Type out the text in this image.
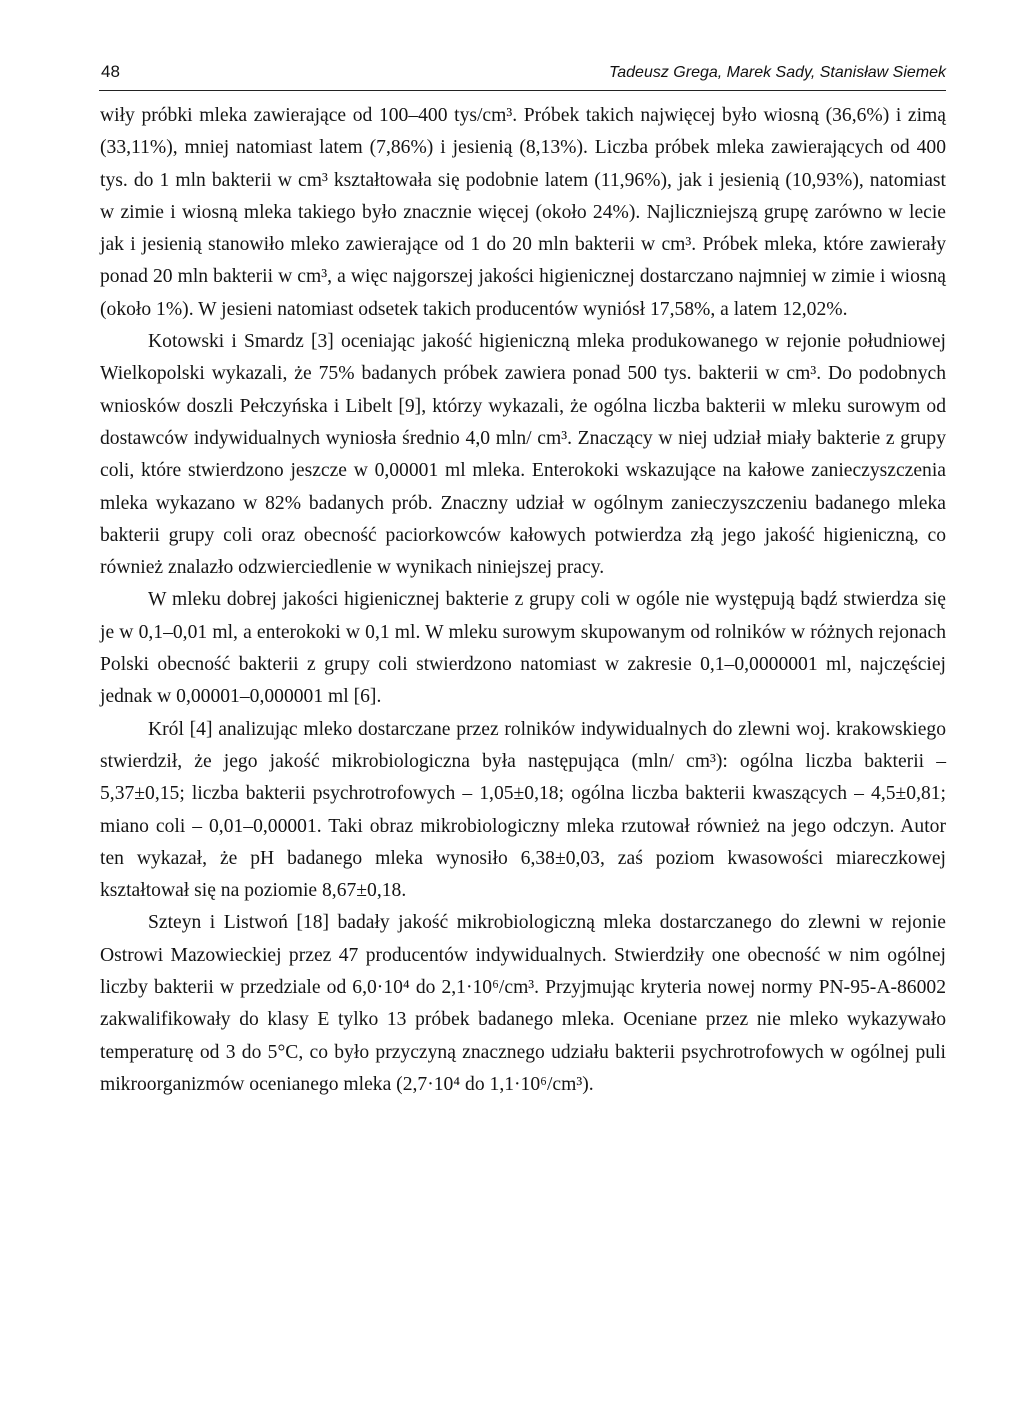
48	Tadeusz Grega, Marek Sady, Stanisław Siemek

wiły próbki mleka zawierające od 100–400 tys/cm³. Próbek takich najwięcej było wiosną (36,6%) i zimą (33,11%), mniej natomiast latem (7,86%) i jesienią (8,13%). Liczba próbek mleka zawierających od 400 tys. do 1 mln bakterii w cm³ kształtowała się podobnie latem (11,96%), jak i jesienią (10,93%), natomiast w zimie i wiosną mleka takiego było znacznie więcej (około 24%). Najliczniejszą grupę zarówno w lecie jak i jesienią stanowiło mleko zawierające od 1 do 20 mln bakterii w cm³. Próbek mleka, które zawierały ponad 20 mln bakterii w cm³, a więc najgorszej jakości higienicznej dostarczano najmniej w zimie i wiosną (około 1%). W jesieni natomiast odsetek takich producentów wyniósł 17,58%, a latem 12,02%.

Kotowski i Smardz [3] oceniając jakość higieniczną mleka produkowanego w rejonie południowej Wielkopolski wykazali, że 75% badanych próbek zawiera ponad 500 tys. bakterii w cm³. Do podobnych wniosków doszli Pełczyńska i Libelt [9], którzy wykazali, że ogólna liczba bakterii w mleku surowym od dostawców indywidualnych wyniosła średnio 4,0 mln/ cm³. Znaczący w niej udział miały bakterie z grupy coli, które stwierdzono jeszcze w 0,00001 ml mleka. Enterokoki wskazujące na kałowe zanieczyszczenia mleka wykazano w 82% badanych prób. Znaczny udział w ogólnym zanieczyszczeniu badanego mleka bakterii grupy coli oraz obecność paciorkowców kałowych potwierdza złą jego jakość higieniczną, co również znalazło odzwierciedlenie w wynikach niniejszej pracy.

W mleku dobrej jakości higienicznej bakterie z grupy coli w ogóle nie występują bądź stwierdza się je w 0,1–0,01 ml, a enterokoki w 0,1 ml. W mleku surowym skupowanym od rolników w różnych rejonach Polski obecność bakterii z grupy coli stwierdzono natomiast w zakresie 0,1–0,0000001 ml, najczęściej jednak w 0,00001–0,000001 ml [6].

Król [4] analizując mleko dostarczane przez rolników indywidualnych do zlewni woj. krakowskiego stwierdził, że jego jakość mikrobiologiczna była następująca (mln/ cm³): ogólna liczba bakterii – 5,37±0,15; liczba bakterii psychrotrofowych – 1,05±0,18; ogólna liczba bakterii kwaszących – 4,5±0,81; miano coli – 0,01–0,00001. Taki obraz mikrobiologiczny mleka rzutował również na jego odczyn. Autor ten wykazał, że pH badanego mleka wynosiło 6,38±0,03, zaś poziom kwasowości miareczkowej kształtował się na poziomie 8,67±0,18.

Szteyn i Listwoń [18] badały jakość mikrobiologiczną mleka dostarczanego do zlewni w rejonie Ostrowi Mazowieckiej przez 47 producentów indywidualnych. Stwierdziły one obecność w nim ogólnej liczby bakterii w przedziale od 6,0·10⁴ do 2,1·10⁶/cm³. Przyjmując kryteria nowej normy PN-95-A-86002 zakwalifikowały do klasy E tylko 13 próbek badanego mleka. Oceniane przez nie mleko wykazywało temperaturę od 3 do 5°C, co było przyczyną znacznego udziału bakterii psychrotrofowych w ogólnej puli mikroorganizmów ocenianego mleka (2,7·10⁴ do 1,1·10⁶/cm³).
